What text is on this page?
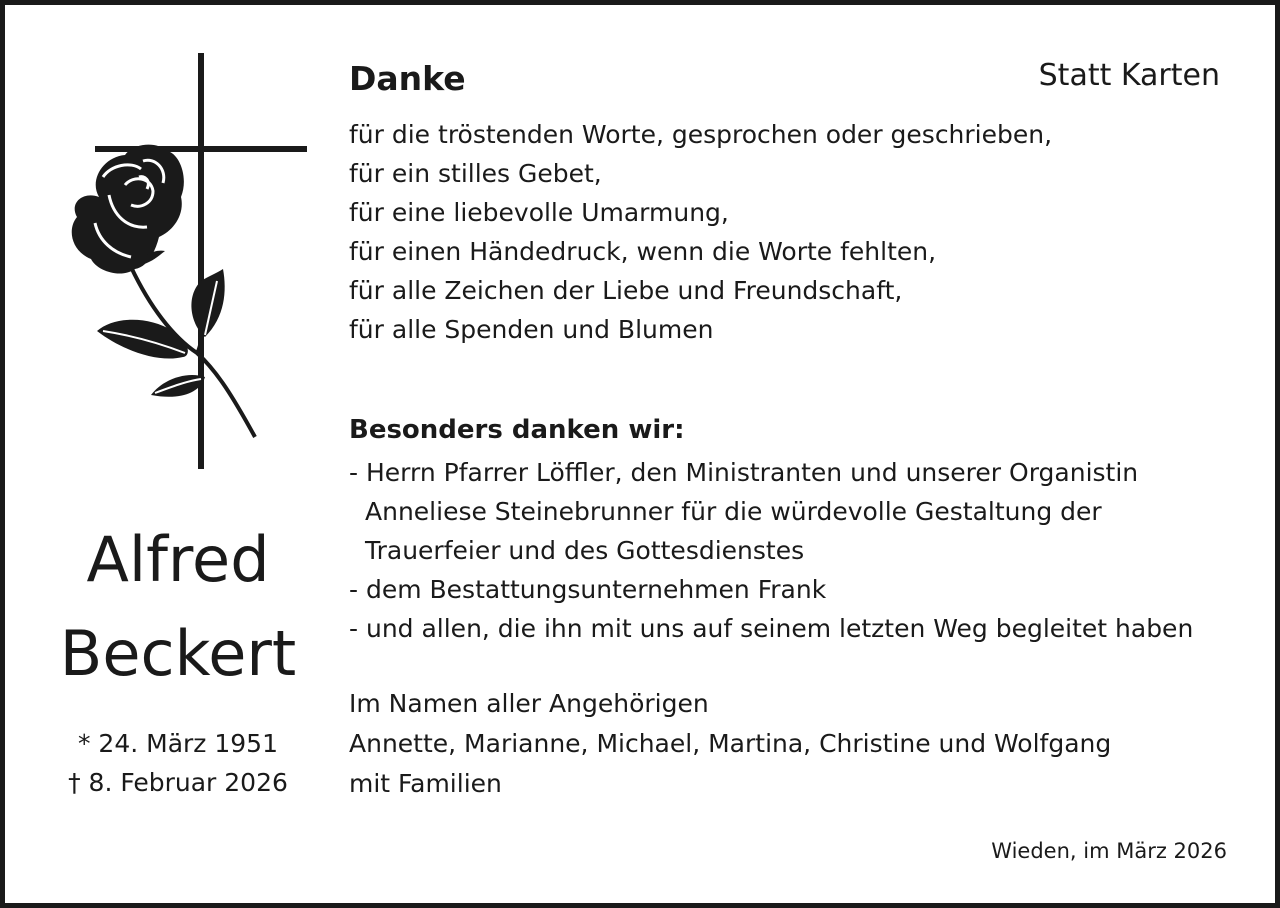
Alfred
Beckert
* 24. März 1951
† 8. Februar 2026
Danke	Statt Karten
für die tröstenden Worte, gesprochen oder geschrieben,
für ein stilles Gebet,
für eine liebevolle Umarmung,
für einen Händedruck, wenn die Worte fehlten,
für alle Zeichen der Liebe und Freundschaft,
für alle Spenden und Blumen
Besonders danken wir:
- Herrn Pfarrer Löffler, den Ministranten und unserer Organistin
Anneliese Steinebrunner für die würdevolle Gestaltung der
Trauerfeier und des Gottesdienstes
- dem Bestattungsunternehmen Frank
- und allen, die ihn mit uns auf seinem letzten Weg begleitet haben
Im Namen aller Angehörigen
Annette, Marianne, Michael, Martina, Christine und Wolfgang
mit Familien
Wieden, im März 2026
